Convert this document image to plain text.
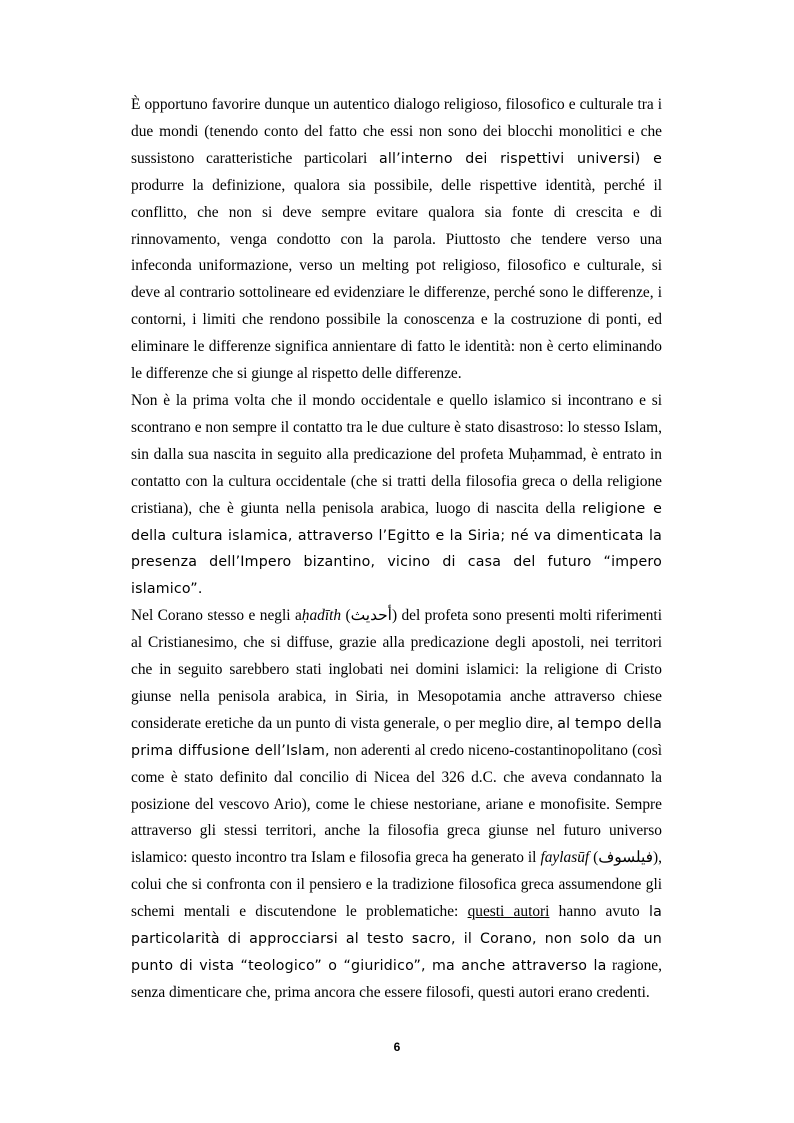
È opportuno favorire dunque un autentico dialogo religioso, filosofico e culturale tra i due mondi (tenendo conto del fatto che essi non sono dei blocchi monolitici e che sussistono caratteristiche particolari all’interno dei rispettivi universi) e produrre la definizione, qualora sia possibile, delle rispettive identità, perché il conflitto, che non si deve sempre evitare qualora sia fonte di crescita e di rinnovamento, venga condotto con la parola. Piuttosto che tendere verso una infeconda uniformazione, verso un melting pot religioso, filosofico e culturale, si deve al contrario sottolineare ed evidenziare le differenze, perché sono le differenze, i contorni, i limiti che rendono possibile la conoscenza e la costruzione di ponti, ed eliminare le differenze significa annientare di fatto le identità: non è certo eliminando le differenze che si giunge al rispetto delle differenze.

Non è la prima volta che il mondo occidentale e quello islamico si incontrano e si scontrano e non sempre il contatto tra le due culture è stato disastroso: lo stesso Islam, sin dalla sua nascita in seguito alla predicazione del profeta Muḥammad, è entrato in contatto con la cultura occidentale (che si tratti della filosofia greca o della religione cristiana), che è giunta nella penisola arabica, luogo di nascita della religione e della cultura islamica, attraverso l’Egitto e la Siria; né va dimenticata la presenza dell’Impero bizantino, vicino di casa del futuro “impero islamico”.

Nel Corano stesso e negli aḥadīth (أحديث) del profeta sono presenti molti riferimenti al Cristianesimo, che si diffuse, grazie alla predicazione degli apostoli, nei territori che in seguito sarebbero stati inglobati nei domini islamici: la religione di Cristo giunse nella penisola arabica, in Siria, in Mesopotamia anche attraverso chiese considerate eretiche da un punto di vista generale, o per meglio dire, al tempo della prima diffusione dell’Islam, non aderenti al credo niceno-costantinopolitano (così come è stato definito dal concilio di Nicea del 326 d.C. che aveva condannato la posizione del vescovo Ario), come le chiese nestoriane, ariane e monofisite. Sempre attraverso gli stessi territori, anche la filosofia greca giunse nel futuro universo islamico: questo incontro tra Islam e filosofia greca ha generato il faylasūf (فيلسوف), colui che si confronta con il pensiero e la tradizione filosofica greca assumendone gli schemi mentali e discutendone le problematiche: questi autori hanno avuto la particolarità di approcciarsi al testo sacro, il Corano, non solo da un punto di vista “teologico” o “giuridico”, ma anche attraverso la ragione, senza dimenticare che, prima ancora che essere filosofi, questi autori erano credenti.

6
